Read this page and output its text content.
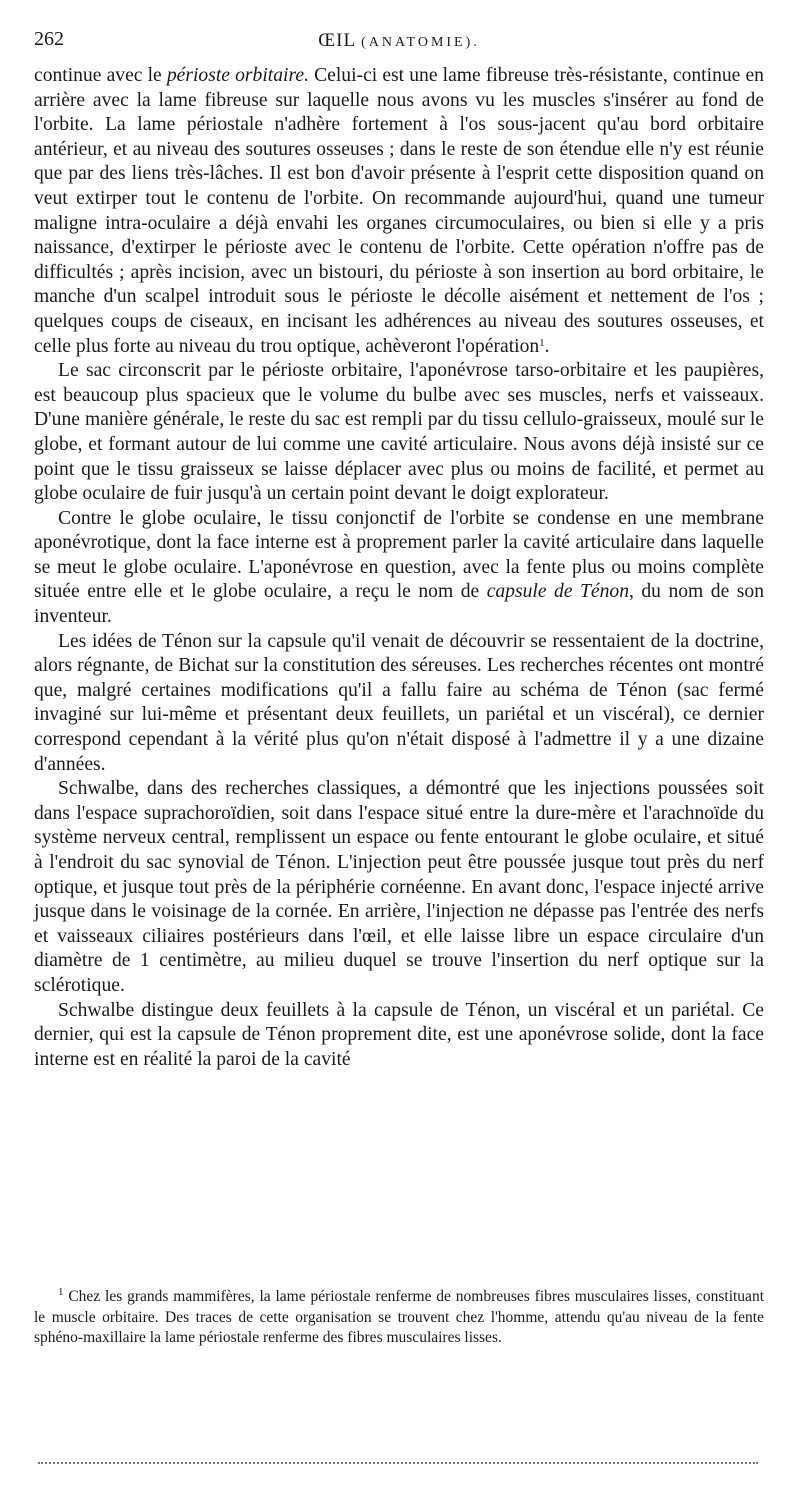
262	ŒIL (ANATOMIE).

continue avec le périoste orbitaire. Celui-ci est une lame fibreuse très-résistante, continue en arrière avec la lame fibreuse sur laquelle nous avons vu les muscles s'insérer au fond de l'orbite. La lame périostale n'adhère fortement à l'os sous-jacent qu'au bord orbitaire antérieur, et au niveau des soutures osseuses ; dans le reste de son étendue elle n'y est réunie que par des liens très-lâches. Il est bon d'avoir présente à l'esprit cette disposition quand on veut extirper tout le contenu de l'orbite. On recommande aujourd'hui, quand une tumeur maligne intra-oculaire a déjà envahi les organes circumoculaires, ou bien si elle y a pris naissance, d'extirper le périoste avec le contenu de l'orbite. Cette opération n'offre pas de difficultés ; après incision, avec un bistouri, du périoste à son insertion au bord orbitaire, le manche d'un scalpel introduit sous le périoste le décolle aisément et nettement de l'os ; quelques coups de ciseaux, en incisant les adhérences au niveau des soutures osseuses, et celle plus forte au niveau du trou optique, achèveront l'opération$^1$.

Le sac circonscrit par le périoste orbitaire, l'aponévrose tarso-orbitaire et les paupières, est beaucoup plus spacieux que le volume du bulbe avec ses muscles, nerfs et vaisseaux. D'une manière générale, le reste du sac est rempli par du tissu cellulo-graisseux, moulé sur le globe, et formant autour de lui comme une cavité articulaire. Nous avons déjà insisté sur ce point que le tissu graisseux se laisse déplacer avec plus ou moins de facilité, et permet au globe oculaire de fuir jusqu'à un certain point devant le doigt explorateur.

Contre le globe oculaire, le tissu conjonctif de l'orbite se condense en une membrane aponévrotique, dont la face interne est à proprement parler la cavité articulaire dans laquelle se meut le globe oculaire. L'aponévrose en question, avec la fente plus ou moins complète située entre elle et le globe oculaire, a reçu le nom de capsule de Ténon, du nom de son inventeur.

Les idées de Ténon sur la capsule qu'il venait de découvrir se ressentaient de la doctrine, alors régnante, de Bichat sur la constitution des séreuses. Les recherches récentes ont montré que, malgré certaines modifications qu'il a fallu faire au schéma de Ténon (sac fermé invaginé sur lui-même et présentant deux feuillets, un pariétal et un viscéral), ce dernier correspond cependant à la vérité plus qu'on n'était disposé à l'admettre il y a une dizaine d'années.

Schwalbe, dans des recherches classiques, a démontré que les injections poussées soit dans l'espace suprachoroïdien, soit dans l'espace situé entre la dure-mère et l'arachnoïde du système nerveux central, remplissent un espace ou fente entourant le globe oculaire, et situé à l'endroit du sac synovial de Ténon. L'injection peut être poussée jusque tout près du nerf optique, et jusque tout près de la périphérie cornéenne. En avant donc, l'espace injecté arrive jusque dans le voisinage de la cornée. En arrière, l'injection ne dépasse pas l'entrée des nerfs et vaisseaux ciliaires postérieurs dans l'œil, et elle laisse libre un espace circulaire d'un diamètre de 1 centimètre, au milieu duquel se trouve l'insertion du nerf optique sur la sclérotique.

Schwalbe distingue deux feuillets à la capsule de Ténon, un viscéral et un pariétal. Ce dernier, qui est la capsule de Ténon proprement dite, est une aponévrose solide, dont la face interne est en réalité la paroi de la cavité

$^1$ Chez les grands mammifères, la lame périostale renferme de nombreuses fibres musculaires lisses, constituant le muscle orbitaire. Des traces de cette organisation se trouvent chez l'homme, attendu qu'au niveau de la fente sphéno-maxillaire la lame périostale renferme des fibres musculaires lisses.
